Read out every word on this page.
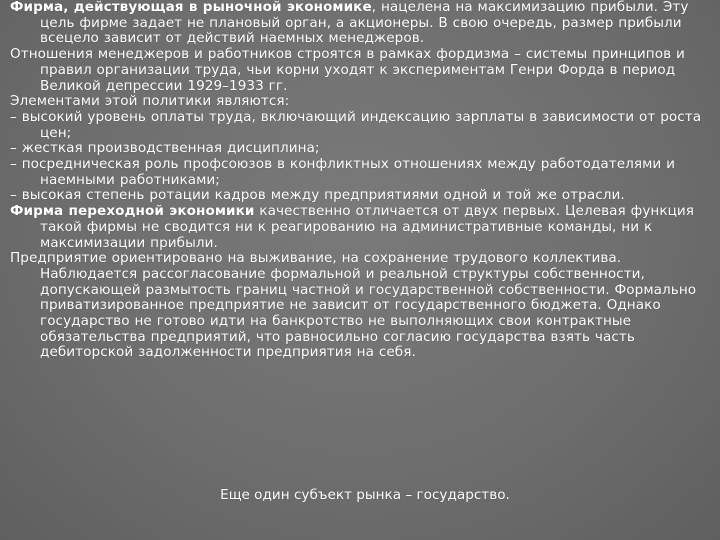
Фирма, действующая в рыночной экономике, нацелена на максимизацию прибыли. Эту цель фирме задает не плановый орган, а акционеры. В свою очередь, размер прибыли всецело зависит от действий наемных менеджеров.

Отношения менеджеров и работников строятся в рамках фордизма – системы принципов и правил организации труда, чьи корни уходят к экспериментам Генри Форда в период Великой депрессии 1929–1933 гг.

Элементами этой политики являются:

– высокий уровень оплаты труда, включающий индексацию зарплаты в зависимости от роста цен;

– жесткая производственная дисциплина;

– посредническая роль профсоюзов в конфликтных отношениях между работодателями и наемными работниками;

– высокая степень ротации кадров между предприятиями одной и той же отрасли.

Фирма переходной экономики качественно отличается от двух первых. Целевая функция такой фирмы не сводится ни к реагированию на административные команды, ни к максимизации прибыли.

Предприятие ориентировано на выживание, на сохранение трудового коллектива. Наблюдается рассогласование формальной и реальной структуры собственности, допускающей размытость границ частной и государственной собственности. Формально приватизированное предприятие не зависит от государственного бюджета. Однако государство не готово идти на банкротство не выполняющих свои контрактные обязательства предприятий, что равносильно согласию государства взять часть дебиторской задолженности предприятия на себя.

Еще один субъект рынка – государство.
